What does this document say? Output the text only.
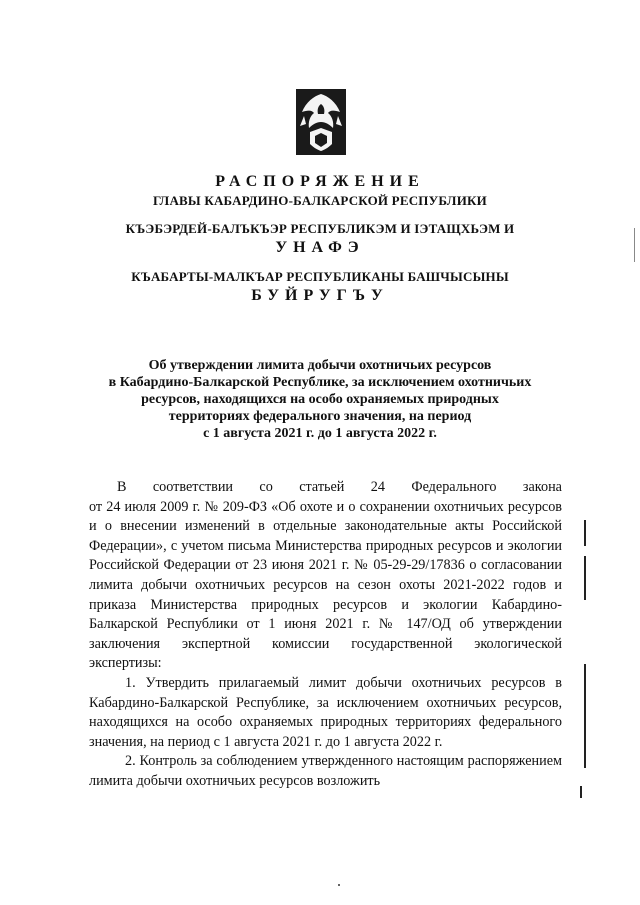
РАСПОРЯЖЕНИЕ
ГЛАВЫ КАБАРДИНО-БАЛКАРСКОЙ РЕСПУБЛИКИ
КЪЭБЭРДЕЙ-БАЛЪКЪЭР РЕСПУБЛИКЭМ И ІЭТАЩХЬЭМ И
УНАФЭ
КЪАБАРТЫ-МАЛКЪАР РЕСПУБЛИКАНЫ БАШЧЫСЫНЫ
БУЙРУГЪУ
Об утверждении лимита добычи охотничьих ресурсов
в Кабардино-Балкарской Республике, за исключением охотничьих
ресурсов, находящихся на особо охраняемых природных
территориях федерального значения, на период
с 1 августа 2021 г. до 1 августа 2022 г.
В соответствии со статьей 24 Федерального закона

от 24 июля 2009 г. № 209-ФЗ «Об охоте и о сохранении охотничьих ресурсов и о внесении изменений в отдельные законодательные акты Российской Федерации», с учетом письма Министерства природных ресурсов и экологии Российской Федерации от 23 июня 2021 г. № 05-29-29/17836 о согласовании лимита добычи охотничьих ресурсов на сезон охоты 2021-2022 годов и приказа Министерства природных ресурсов и экологии Кабардино-Балкарской Республики от 1 июня 2021 г. № 147/ОД об утверждении заключения экспертной комиссии государственной экологической экспертизы:

1. Утвердить прилагаемый лимит добычи охотничьих ресурсов в Кабардино-Балкарской Республике, за исключением охотничьих ресурсов, находящихся на особо охраняемых природных территориях федерального значения, на период с 1 августа 2021 г. до 1 августа 2022 г.

2. Контроль за соблюдением утвержденного настоящим распоряжением лимита добычи охотничьих ресурсов возложить
